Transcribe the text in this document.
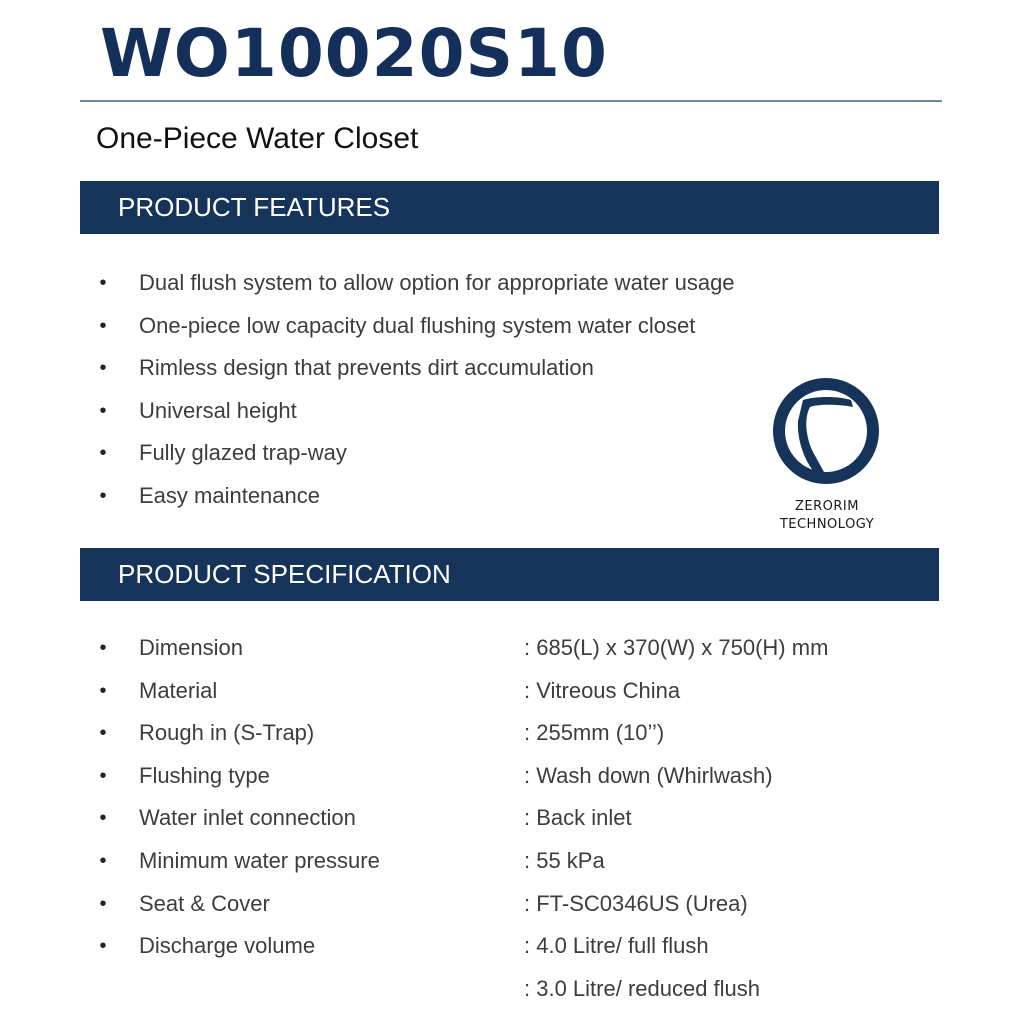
WO10020S10
One-Piece Water Closet
PRODUCT FEATURES
• Dual flush system to allow option for appropriate water usage
• One-piece low capacity dual flushing system water closet
• Rimless design that prevents dirt accumulation
• Universal height
• Fully glazed trap-way
• Easy maintenance	ZERORIM
TECHNOLOGY
PRODUCT SPECIFICATION
• Dimension	: 685(L) x 370(W) x 750(H) mm
• Material	: Vitreous China
• Rough in (S-Trap)	: 255mm (10’’)
• Flushing type	: Wash down (Whirlwash)
• Water inlet connection	: Back inlet
• Minimum water pressure	: 55 kPa
• Seat & Cover	: FT-SC0346US (Urea)
• Discharge volume	: 4.0 Litre/ full flush
: 3.0 Litre/ reduced flush
